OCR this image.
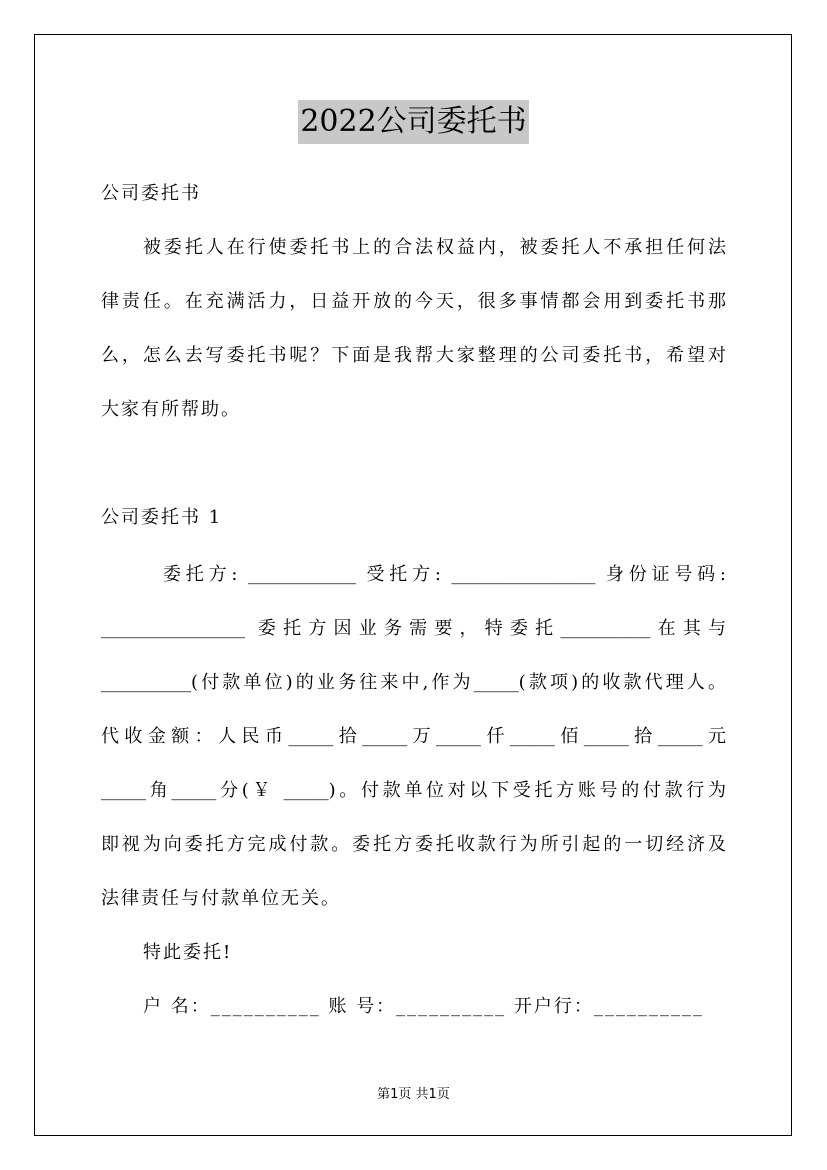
2022公司委托书
公司委托书
被委托人在行使委托书上的合法权益内，被委托人不承担任何法
律责任。在充满活力，日益开放的今天，很多事情都会用到委托书那
么，怎么去写委托书呢？下面是我帮大家整理的公司委托书，希望对
大家有所帮助。
公司委托书 1
委托方: ____________ 受托方: ________________ 身份证号码:
________________ 委托方因业务需要，特委托__________在其与
__________(付款单位)的业务往来中,作为_____(款项)的收款代理人。
代收金额：人民币_____拾_____万_____仟_____佰_____拾_____元
_____角_____分(￥ _____)。付款单位对以下受托方账号的付款行为
即视为向委托方完成付款。委托方委托收款行为所引起的一切经济及
法律责任与付款单位无关。
特此委托!
户 名：__________ 账 号：__________ 开户行：__________
第1页 共1页
